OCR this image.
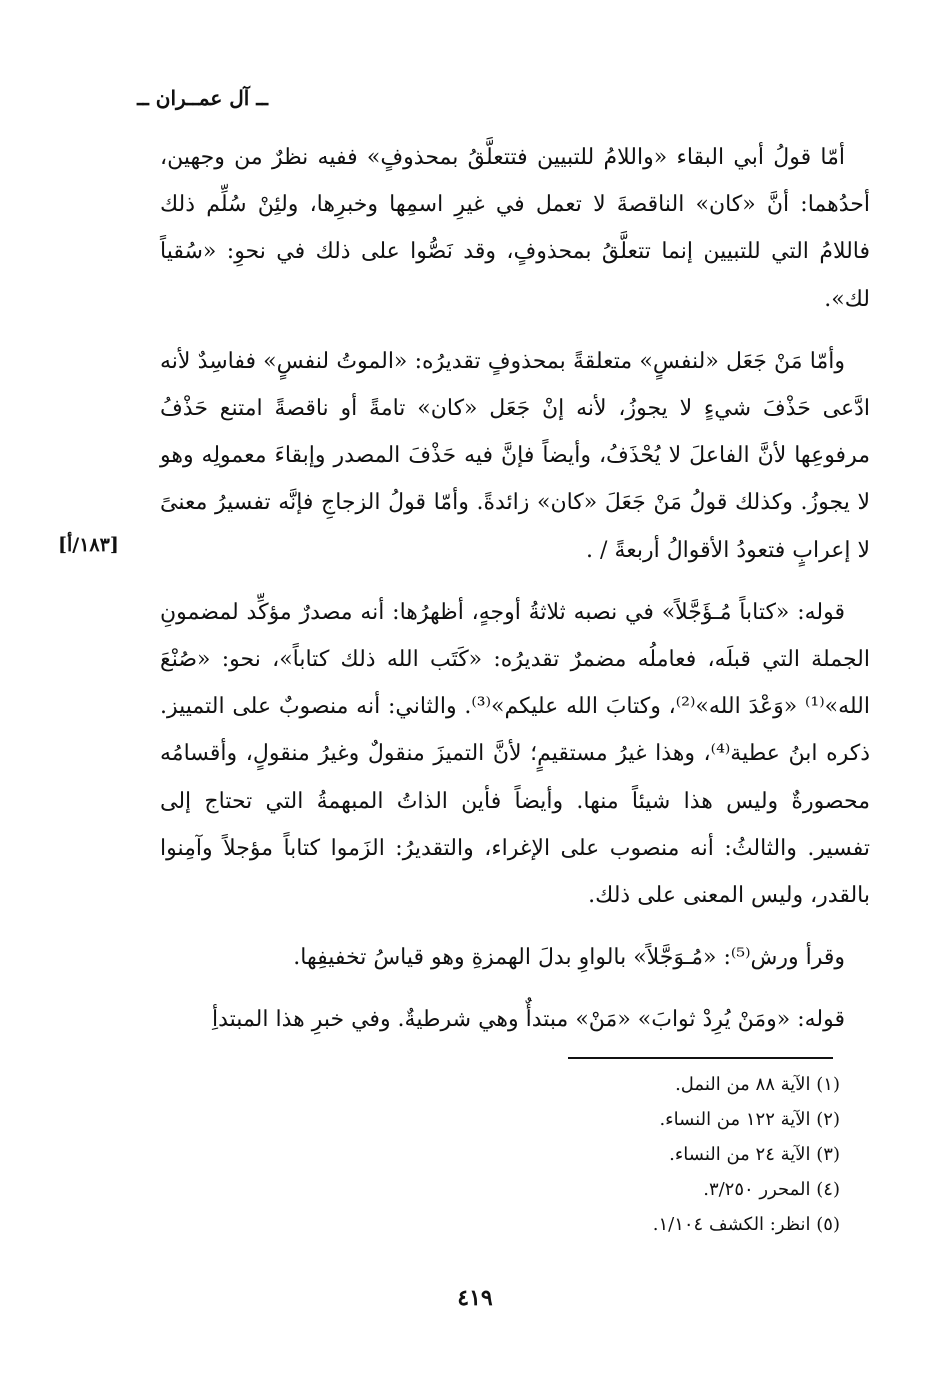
ــ آل عمــران ــ

أمّا قولُ أبي البقاء «واللامُ للتبيين فتتعلَّقُ بمحذوفٍ» ففيه نظرٌ من وجهين، أحدُهما: أنَّ «كان» الناقصةَ لا تعمل في غيرِ اسمِها وخبرِها، ولئِنْ سُلِّم ذلك فاللامُ التي للتبيين إنما تتعلَّقُ بمحذوفٍ، وقد نَصُّوا على ذلك في نحوِ: «سُقياً لك».

وأمّا مَنْ جَعَل «لنفسٍ» متعلقةً بمحذوفٍ تقديرُه: «الموتُ لنفسٍ» ففاسِدٌ لأنه ادَّعى حَذْفَ شيءٍ لا يجوزُ، لأنه إنْ جَعَل «كان» تامةً أو ناقصةً امتنع حَذْفُ مرفوعِها لأنَّ الفاعلَ لا يُحْذَفُ، وأيضاً فإنَّ فيه حَذْفَ المصدر وإبقاءَ معمولِه وهو لا يجوزُ. وكذلك قولُ مَنْ جَعَلَ «كان» زائدةً. وأمّا قولُ الزجاجِ فإنَّه تفسيرُ معنىً لا إعرابٍ فتعودُ الأقوالُ أربعةً / .

قوله: «كتاباً مُـؤَجَّلاً» في نصبه ثلاثةُ أوجهٍ، أظهرُها: أنه مصدرٌ مؤكِّد لمضمونِ الجملة التي قبلَه، فعاملُه مضمرٌ تقديرُه: «كَتَب الله ذلك كتاباً»، نحو: «صُنْعَ الله»⁽¹⁾ «وَعْدَ الله»⁽²⁾، وكتابَ الله عليكم»⁽³⁾. والثاني: أنه منصوبٌ على التمييز. ذكره ابنُ عطية⁽⁴⁾، وهذا غيرُ مستقيمٍ؛ لأنَّ التميزَ منقولٌ وغيرُ منقولٍ، وأقسامُه محصورةٌ وليس هذا شيئاً منها. وأيضاً فأين الذاتُ المبهمةُ التي تحتاج إلى تفسير. والثالثُ: أنه منصوب على الإغراء، والتقديرُ: الزَموا كتاباً مؤجلاً وآمِنوا بالقدر، وليس المعنى على ذلك.

وقرأ ورش⁽⁵⁾: «مُـوَجَّلاً» بالواوِ بدلَ الهمزةِ وهو قياسُ تخفيفِها.

قوله: «ومَنْ يُرِدْ ثوابَ» «مَنْ» مبتدأٌ وهي شرطيةٌ. وفي خبرِ هذا المبتدأِ

[١٨٣/أ]
(١) الآية ٨٨ من النمل.
(٢) الآية ١٢٢ من النساء.
(٣) الآية ٢٤ من النساء.
(٤) المحرر ٣/٢٥٠.
(٥) انظر: الكشف ١/١٠٤.
٤١٩
